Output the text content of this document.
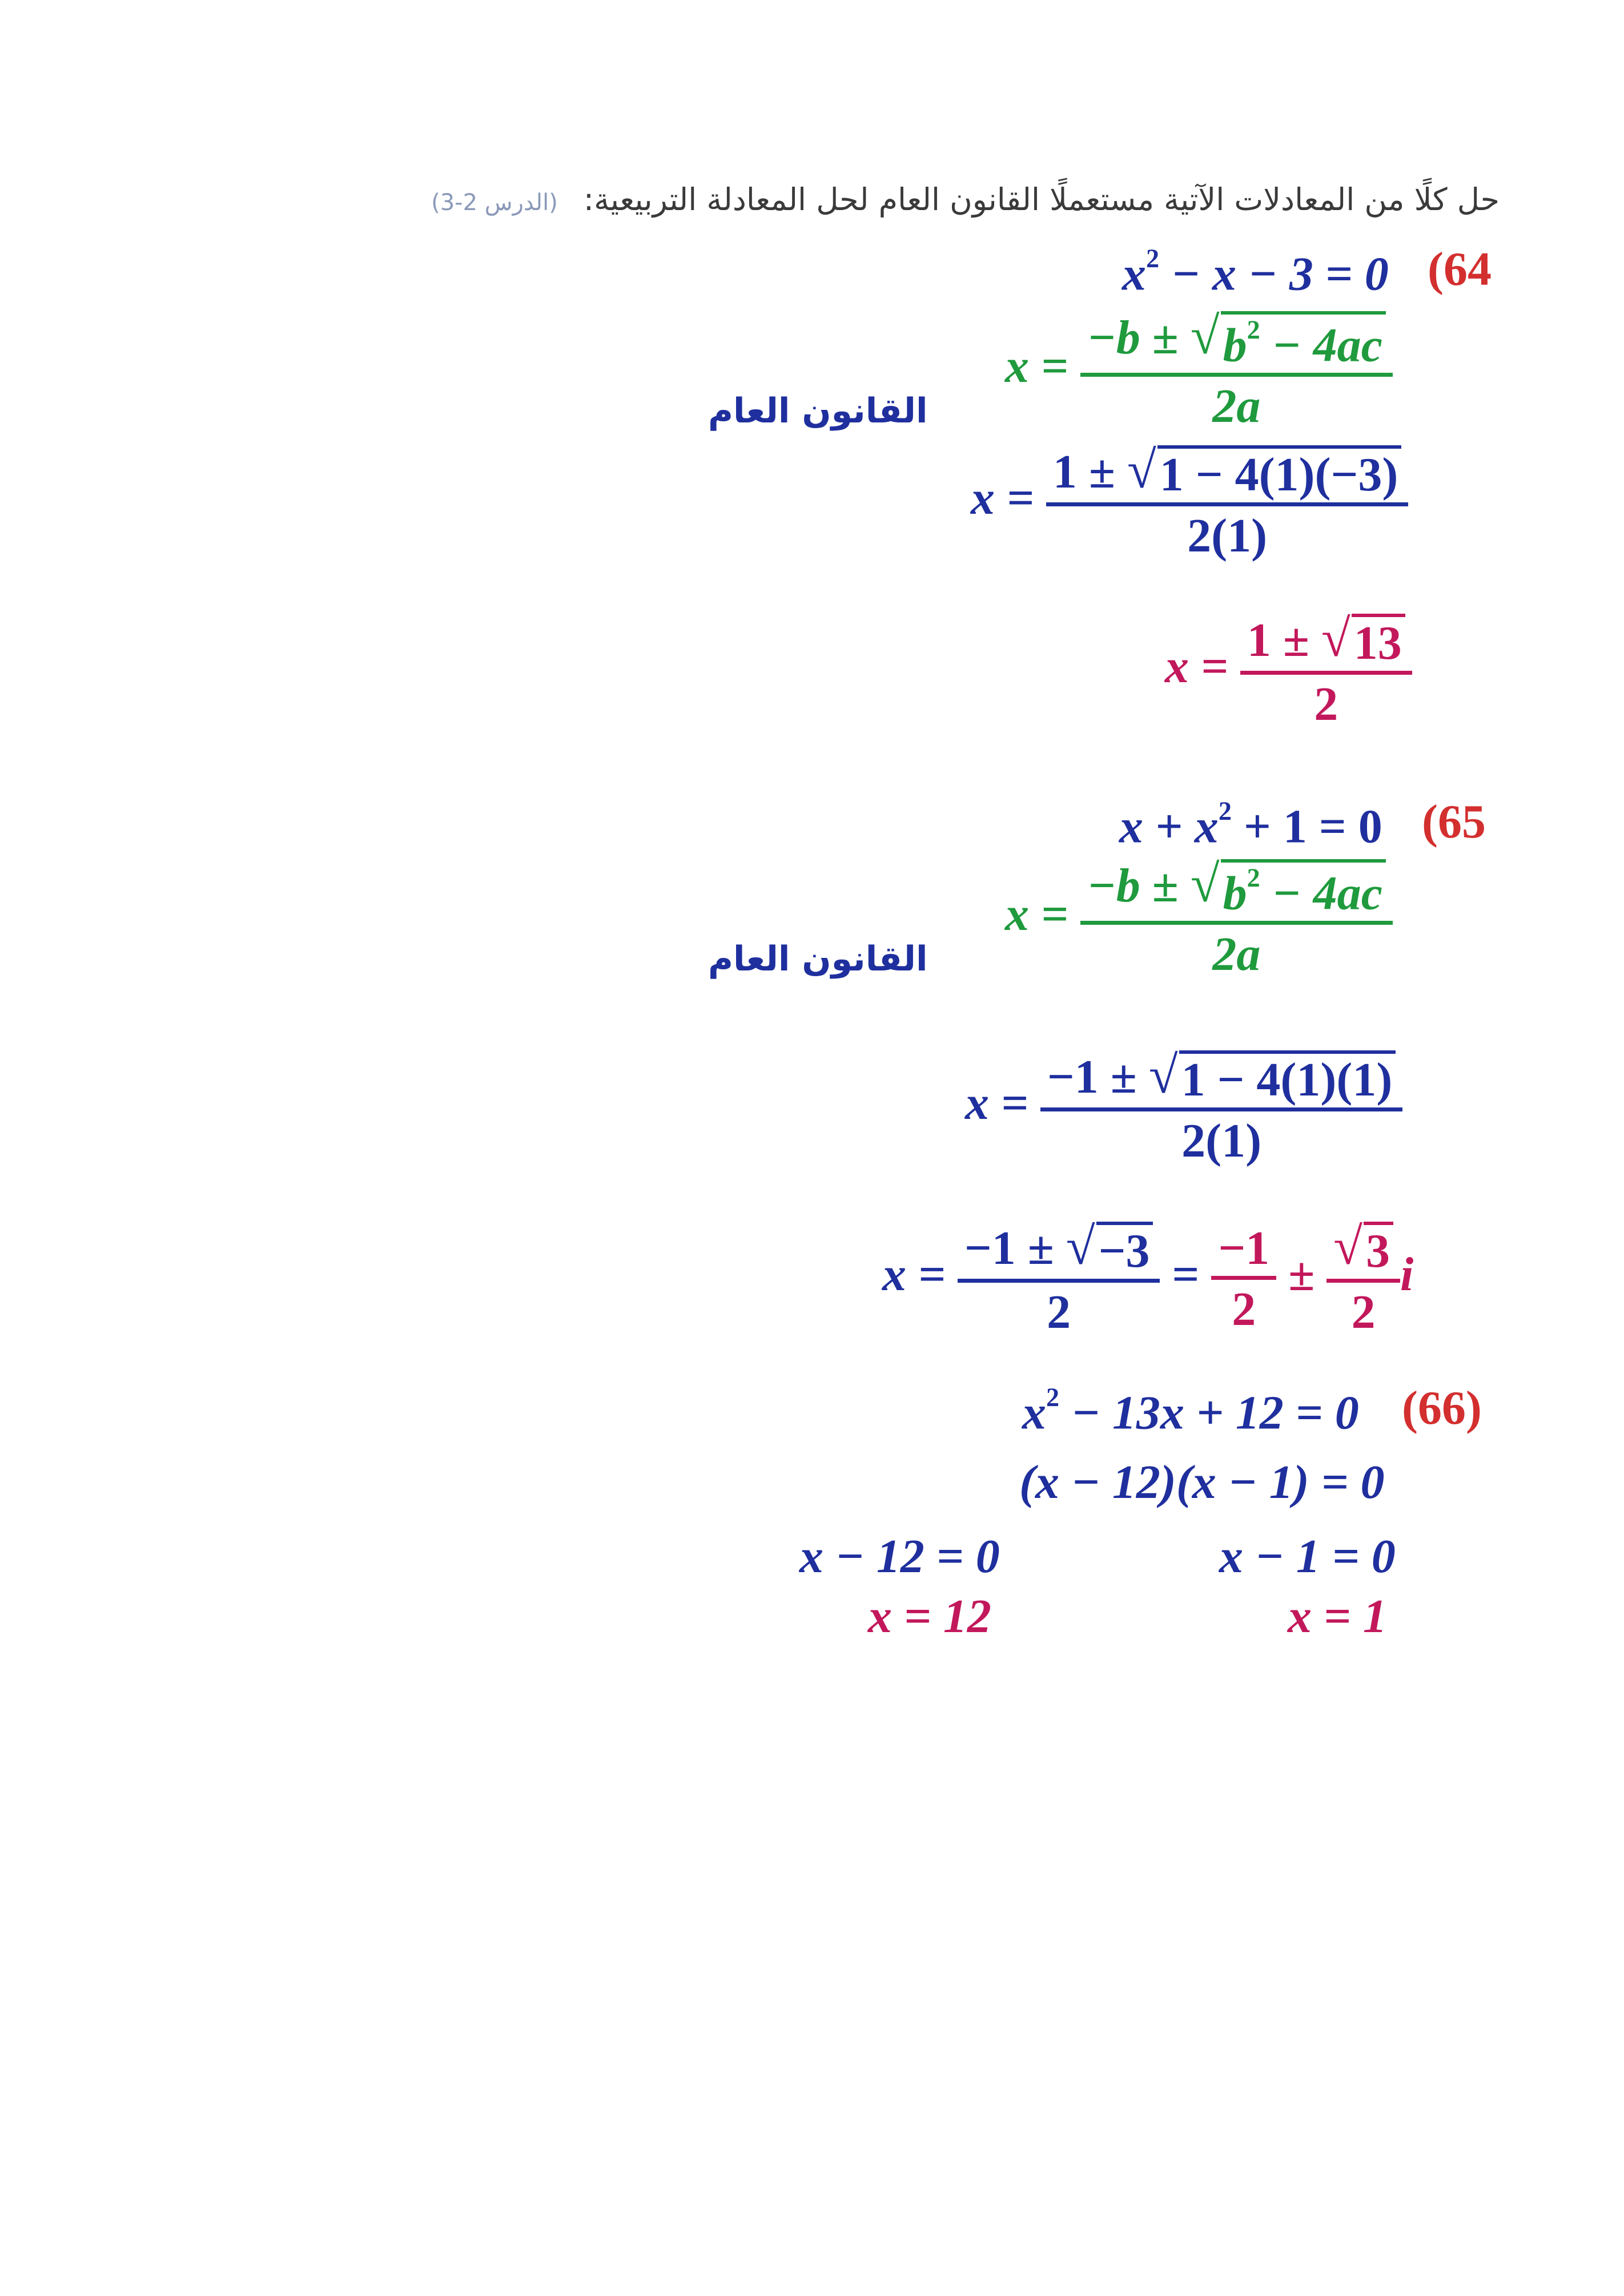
حل كلًا من المعادلات الآتية مستعملًا القانون العام لحل المعادلة التربيعية: (الدرس 2-3)
$x^2 - x - 3 = 0$ (64
$x = \frac{-b \pm √ b^2 - 4ac}{2a}$
القانون العام
$x = \frac{1 \pm √ 1 - 4(1)(-3)}{2(1)}$
$x = \frac{1 \pm √ 13}{2}$
$x + x^2 + 1 = 0$ (65
$x = \frac{-b \pm √ b^2 - 4ac}{2a}$
القانون العام
$x = \frac{-1 \pm √ 1 - 4(1)(1)}{2(1)}$
$x = \frac{-1 \pm √ -3}{2} = \frac{-1}{2} \pm \frac{√ 3}{2}$ i
$x^2 - 13x + 12 = 0$ (66)
(x − 12)(x − 1) = 0
x − 12 = 0	x − 1 = 0
x = 12	x = 1
